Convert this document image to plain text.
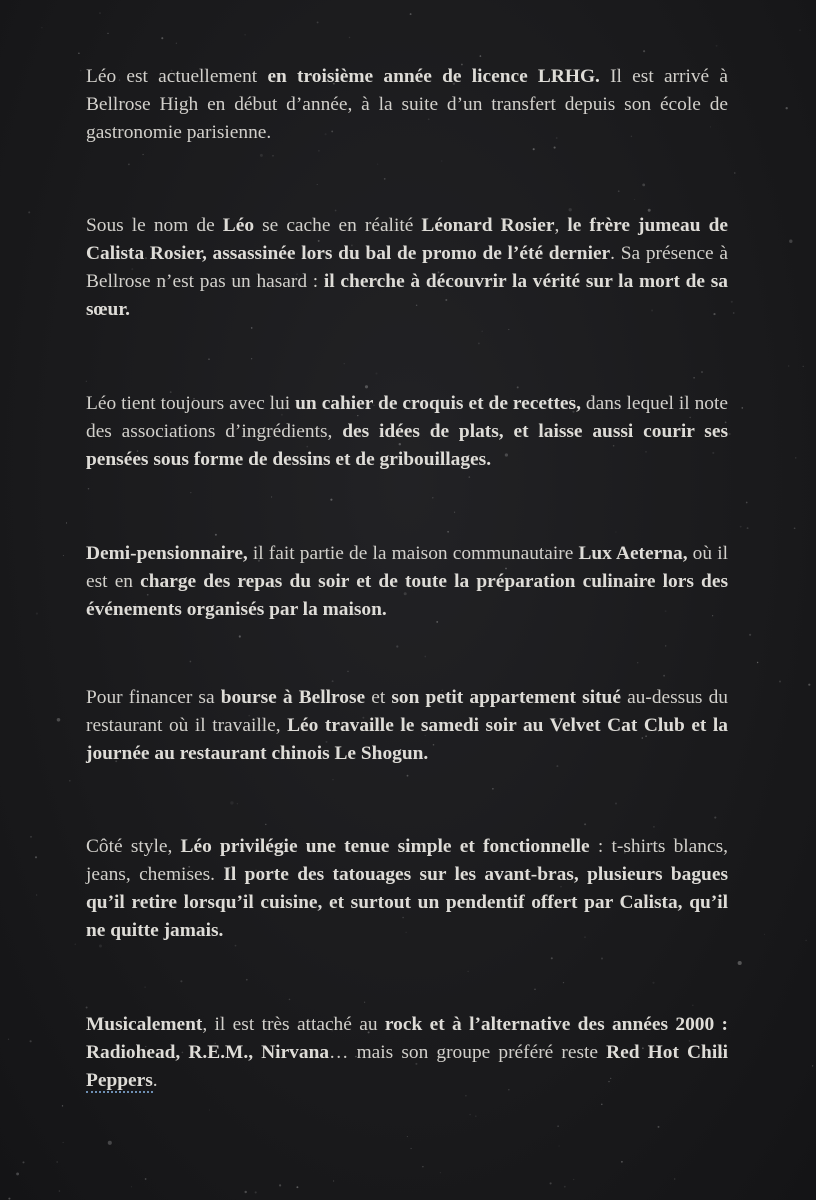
Léo est actuellement en troisième année de licence LRHG. Il est arrivé à Bellrose High en début d’année, à la suite d’un transfert depuis son école de gastronomie parisienne.

Sous le nom de Léo se cache en réalité Léonard Rosier, le frère jumeau de Calista Rosier, assassinée lors du bal de promo de l’été dernier. Sa présence à Bellrose n’est pas un hasard : il cherche à découvrir la vérité sur la mort de sa sœur.

Léo tient toujours avec lui un cahier de croquis et de recettes, dans lequel il note des associations d’ingrédients, des idées de plats, et laisse aussi courir ses pensées sous forme de dessins et de gribouillages.

Demi-pensionnaire, il fait partie de la maison communautaire Lux Aeterna, où il est en charge des repas du soir et de toute la préparation culinaire lors des événements organisés par la maison.

Pour financer sa bourse à Bellrose et son petit appartement situé au-dessus du restaurant où il travaille, Léo travaille le samedi soir au Velvet Cat Club et la journée au restaurant chinois Le Shogun.

Côté style, Léo privilégie une tenue simple et fonctionnelle : t-shirts blancs, jeans, chemises. Il porte des tatouages sur les avant-bras, plusieurs bagues qu’il retire lorsqu’il cuisine, et surtout un pendentif offert par Calista, qu’il ne quitte jamais.

Musicalement, il est très attaché au rock et à l’alternative des années 2000 : Radiohead, R.E.M., Nirvana… mais son groupe préféré reste Red Hot Chili Peppers.
